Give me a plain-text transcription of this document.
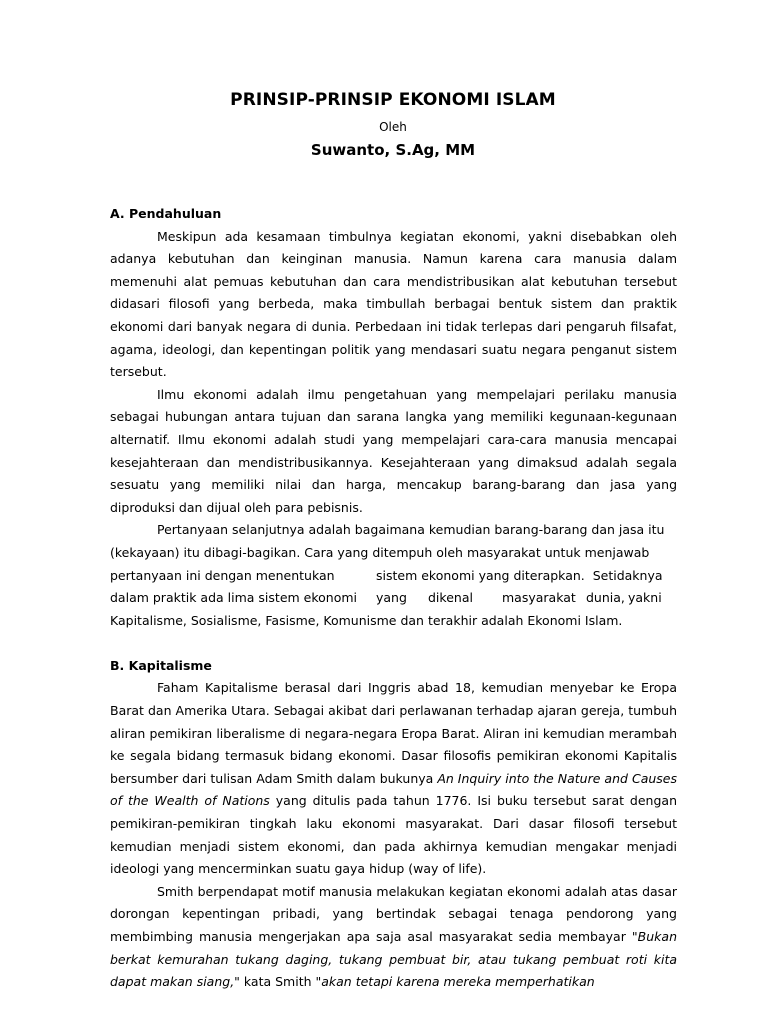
PRINSIP-PRINSIP EKONOMI ISLAM
Oleh
Suwanto, S.Ag, MM
A. Pendahuluan

Meskipun ada kesamaan timbulnya kegiatan ekonomi, yakni disebabkan oleh adanya kebutuhan dan keinginan manusia. Namun karena cara manusia dalam memenuhi alat pemuas kebutuhan dan cara mendistribusikan alat kebutuhan tersebut didasari filosofi yang berbeda, maka timbullah berbagai bentuk sistem dan praktik ekonomi dari banyak negara di dunia. Perbedaan ini tidak terlepas dari pengaruh filsafat, agama, ideologi, dan kepentingan politik yang mendasari suatu negara penganut sistem tersebut.

Ilmu ekonomi adalah ilmu pengetahuan yang mempelajari perilaku manusia sebagai hubungan antara tujuan dan sarana langka yang memiliki kegunaan-kegunaan alternatif. Ilmu ekonomi adalah studi yang mempelajari cara-cara manusia mencapai kesejahteraan dan mendistribusikannya. Kesejahteraan yang dimaksud adalah segala sesuatu yang memiliki nilai dan harga, mencakup barang-barang dan jasa yang diproduksi dan dijual oleh para pebisnis.

Pertanyaan selanjutnya adalah bagaimana kemudian barang-barang dan jasa itu

(kekayaan) itu dibagi-bagikan. Cara yang ditempuh oleh masyarakat untuk menjawab

pertanyaan ini dengan menentukan	sistem ekonomi yang diterapkan.  Setidaknya

dalam praktik ada lima sistem ekonomi yang dikenal masyarakat dunia, yakni

Kapitalisme, Sosialisme, Fasisme, Komunisme dan terakhir adalah Ekonomi Islam.

B. Kapitalisme

Faham Kapitalisme berasal dari Inggris abad 18, kemudian menyebar ke Eropa Barat dan Amerika Utara. Sebagai akibat dari perlawanan terhadap ajaran gereja, tumbuh aliran pemikiran liberalisme di negara-negara Eropa Barat. Aliran ini kemudian merambah ke segala bidang termasuk bidang ekonomi. Dasar filosofis pemikiran ekonomi Kapitalis bersumber dari tulisan Adam Smith dalam bukunya An Inquiry into the Nature and Causes of the Wealth of Nations yang ditulis pada tahun 1776. Isi buku tersebut sarat dengan pemikiran-pemikiran tingkah laku ekonomi masyarakat. Dari dasar filosofi tersebut kemudian menjadi sistem ekonomi, dan pada akhirnya kemudian mengakar menjadi ideologi yang mencerminkan suatu gaya hidup (way of life).

Smith berpendapat motif manusia melakukan kegiatan ekonomi adalah atas dasar dorongan kepentingan pribadi, yang bertindak sebagai tenaga pendorong yang membimbing manusia mengerjakan apa saja asal masyarakat sedia membayar "Bukan berkat kemurahan tukang daging, tukang pembuat bir, atau tukang pembuat roti kita dapat makan siang," kata Smith "akan tetapi karena mereka memperhatikan
